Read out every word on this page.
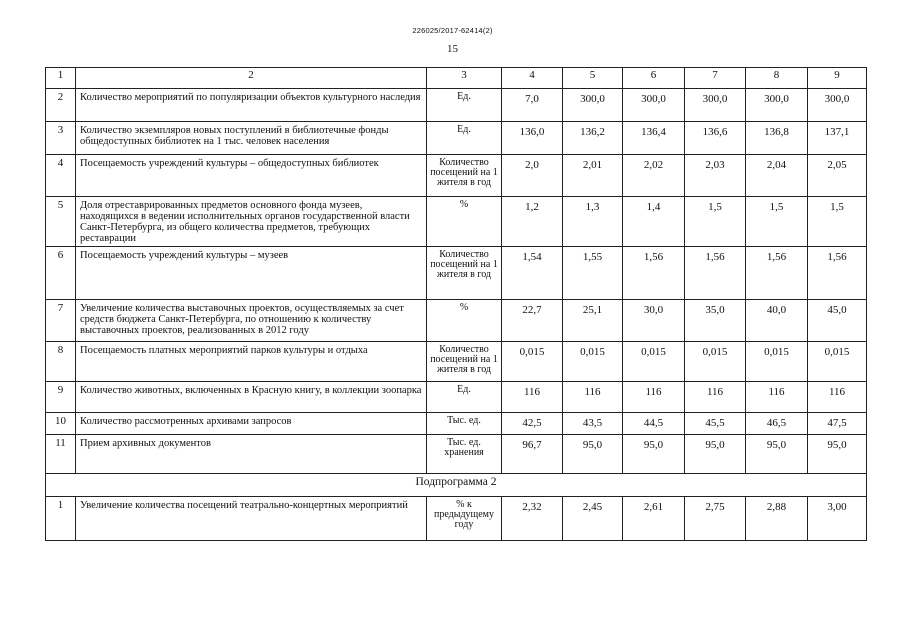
226025/2017-62414(2)
15
1	2	3	4	5	6	7	8	9
2	Количество мероприятий по популяризации объектов культурного наследия	Ед.	7,0	300,0	300,0	300,0	300,0	300,0
3	Количество экземпляров новых поступлений в библиотечные фонды общедоступных библиотек на 1 тыс. человек населения	Ед.	136,0	136,2	136,4	136,6	136,8	137,1
4	Посещаемость учреждений культуры – общедоступных библиотек	Количество посещений на 1 жителя в год	2,0	2,01	2,02	2,03	2,04	2,05
5	Доля отреставрированных предметов основного фонда музеев, находящихся в ведении исполнительных органов государственной власти Санкт-Петербурга, из общего количества предметов, требующих реставрации	%	1,2	1,3	1,4	1,5	1,5	1,5
6	Посещаемость учреждений культуры – музеев	Количество посещений на 1 жителя в год	1,54	1,55	1,56	1,56	1,56	1,56
7	Увеличение количества выставочных проектов, осуществляемых за счет средств бюджета Санкт-Петербурга, по отношению к количеству выставочных проектов, реализованных в 2012 году	%	22,7	25,1	30,0	35,0	40,0	45,0
8	Посещаемость платных мероприятий парков культуры и отдыха	Количество посещений на 1 жителя в год	0,015	0,015	0,015	0,015	0,015	0,015
9	Количество животных, включенных в Красную книгу, в коллекции зоопарка	Ед.	116	116	116	116	116	116
10	Количество рассмотренных архивами запросов	Тыс. ед.	42,5	43,5	44,5	45,5	46,5	47,5
11	Прием архивных документов	Тыс. ед. хранения	96,7	95,0	95,0	95,0	95,0	95,0
Подпрограмма 2								
1	Увеличение количества посещений театрально-концертных мероприятий	% к предыдущему году	2,32	2,45	2,61	2,75	2,88	3,00
